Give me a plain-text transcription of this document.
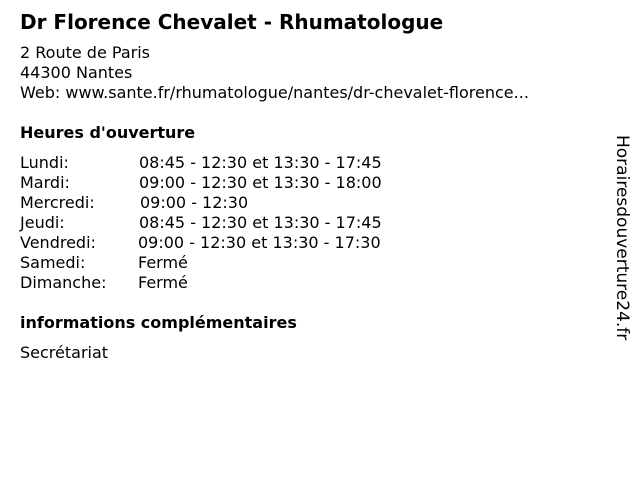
Dr Florence Chevalet - Rhumatologue
2 Route de Paris
44300 Nantes
Web: www.sante.fr/rhumatologue/nantes/dr-chevalet-florence...
Heures d'ouverture
Lundi:	08:45 - 12:30 et 13:30 - 17:45
Mardi:	09:00 - 12:30 et 13:30 - 18:00
Mercredi:	09:00 - 12:30
Jeudi:	08:45 - 12:30 et 13:30 - 17:45
Vendredi:	09:00 - 12:30 et 13:30 - 17:30
Samedi:	Fermé
Dimanche: Fermé
informations complémentaires
Secrétariat
Horairesdouverture24.fr
